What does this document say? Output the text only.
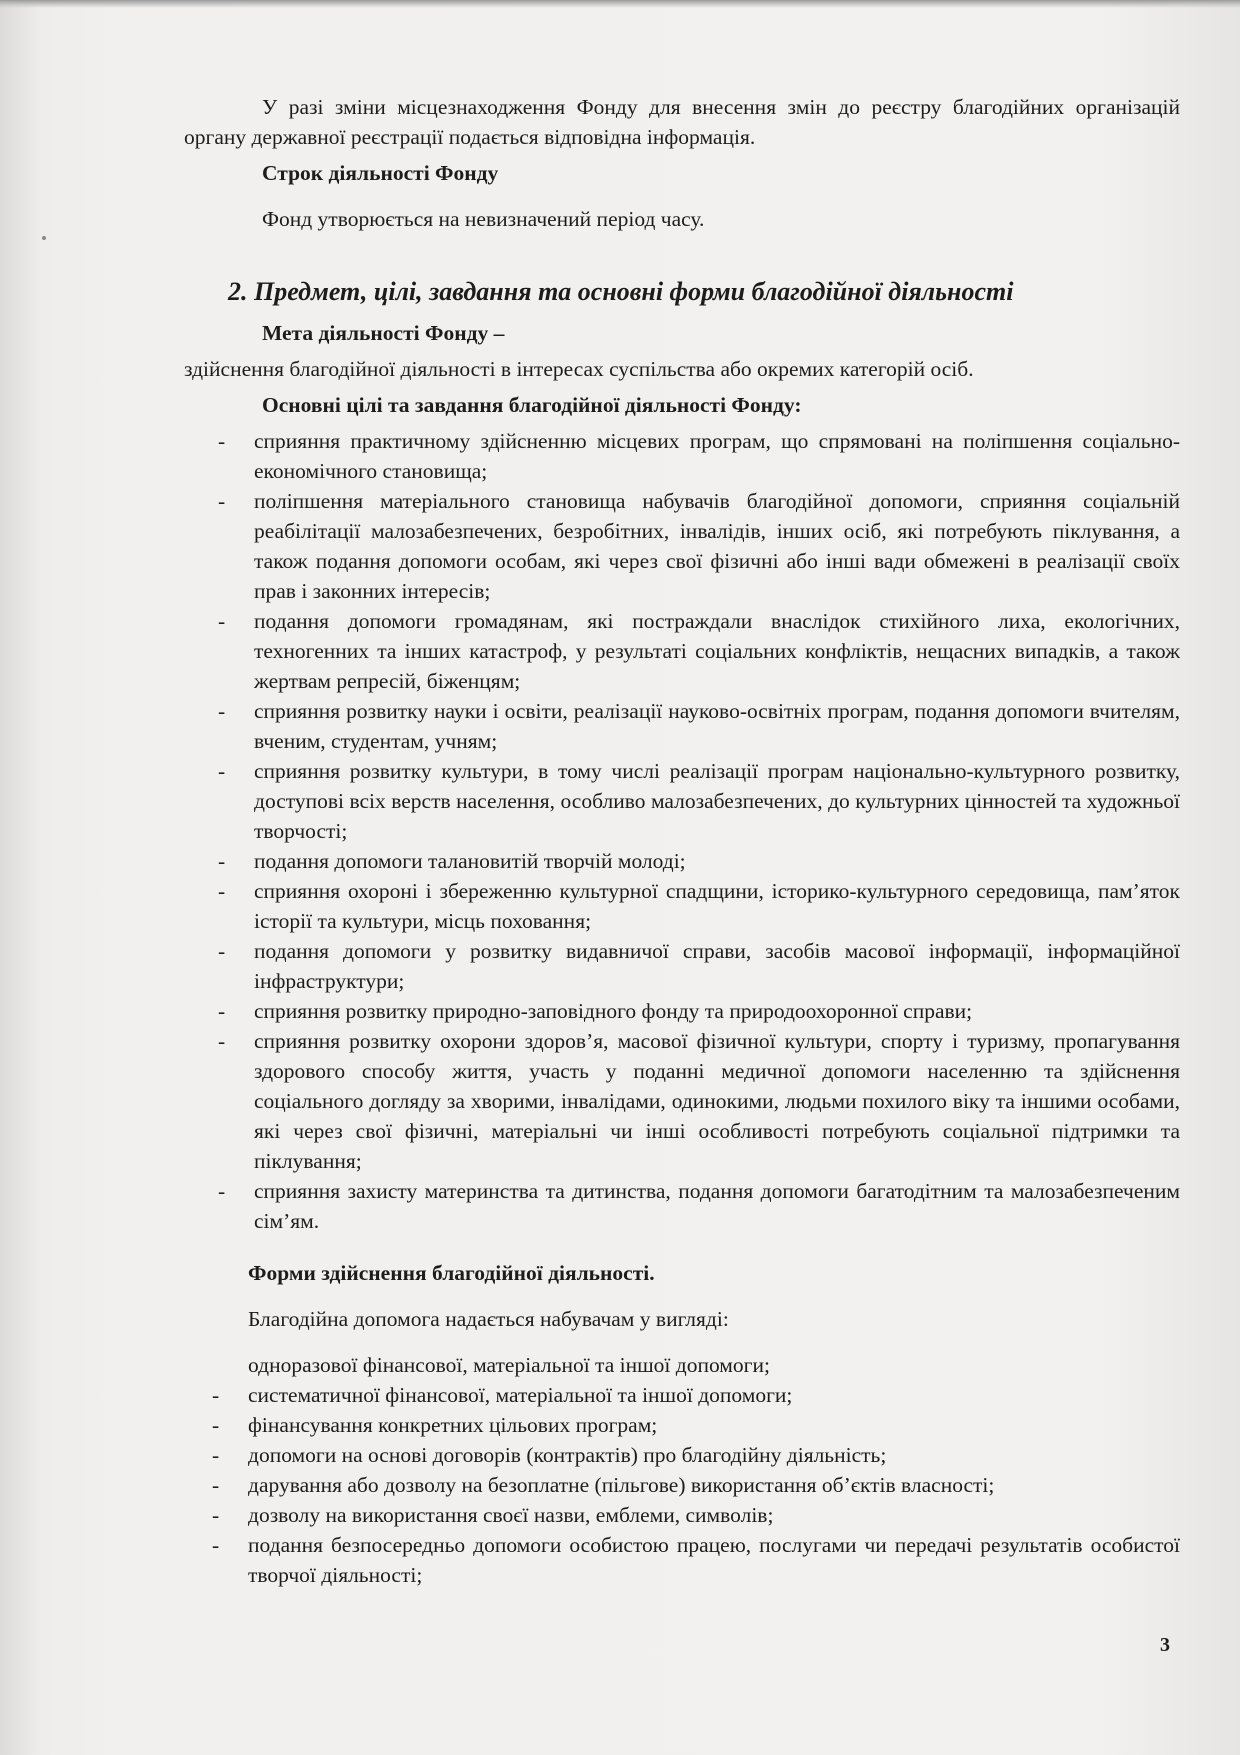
У разі зміни місцезнаходження Фонду для внесення змін до реєстру благодійних організацій органу державної реєстрації подається відповідна інформація.

Строк діяльності Фонду

Фонд утворюється на невизначений період часу.

2. Предмет, цілі, завдання та основні форми благодійної діяльності

Мета діяльності Фонду –

здійснення благодійної діяльності в інтересах суспільства або окремих категорій осіб.

Основні цілі та завдання благодійної діяльності Фонду:

- сприяння практичному здійсненню місцевих програм, що спрямовані на поліпшення соціально-економічного становища;
- поліпшення матеріального становища набувачів благодійної допомоги, сприяння соціальній реабілітації малозабезпечених, безробітних, інвалідів, інших осіб, які потребують піклування, а також подання допомоги особам, які через свої фізичні або інші вади обмежені в реалізації своїх прав і законних інтересів;
- подання допомоги громадянам, які постраждали внаслідок стихійного лиха, екологічних, техногенних та інших катастроф, у результаті соціальних конфліктів, нещасних випадків, а також жертвам репресій, біженцям;
- сприяння розвитку науки і освіти, реалізації науково-освітніх програм, подання допомоги вчителям, вченим, студентам, учням;
- сприяння розвитку культури, в тому числі реалізації програм національно-культурного розвитку, доступові всіх верств населення, особливо малозабезпечених, до культурних цінностей та художньої творчості;
- подання допомоги талановитій творчій молоді;
- сприяння охороні і збереженню культурної спадщини, історико-культурного середовища, пам’яток історії та культури, місць поховання;
- подання допомоги у розвитку видавничої справи, засобів масової інформації, інформаційної інфраструктури;
- сприяння розвитку природно-заповідного фонду та природоохоронної справи;
- сприяння розвитку охорони здоров’я, масової фізичної культури, спорту і туризму, пропагування здорового способу життя, участь у поданні медичної допомоги населенню та здійснення соціального догляду за хворими, інвалідами, одинокими, людьми похилого віку та іншими особами, які через свої фізичні, матеріальні чи інші особливості потребують соціальної підтримки та піклування;
- сприяння захисту материнства та дитинства, подання допомоги багатодітним та малозабезпеченим сім’ям.

Форми здійснення благодійної діяльності.

Благодійна допомога надається набувачам у вигляді:

одноразової фінансової, матеріальної та іншої допомоги;

- систематичної фінансової, матеріальної та іншої допомоги;
- фінансування конкретних цільових програм;
- допомоги на основі договорів (контрактів) про благодійну діяльність;
- дарування або дозволу на безоплатне (пільгове) використання об’єктів власності;
- дозволу на використання своєї назви, емблеми, символів;
- подання безпосередньо допомоги особистою працею, послугами чи передачі результатів особистої творчої діяльності;
3
